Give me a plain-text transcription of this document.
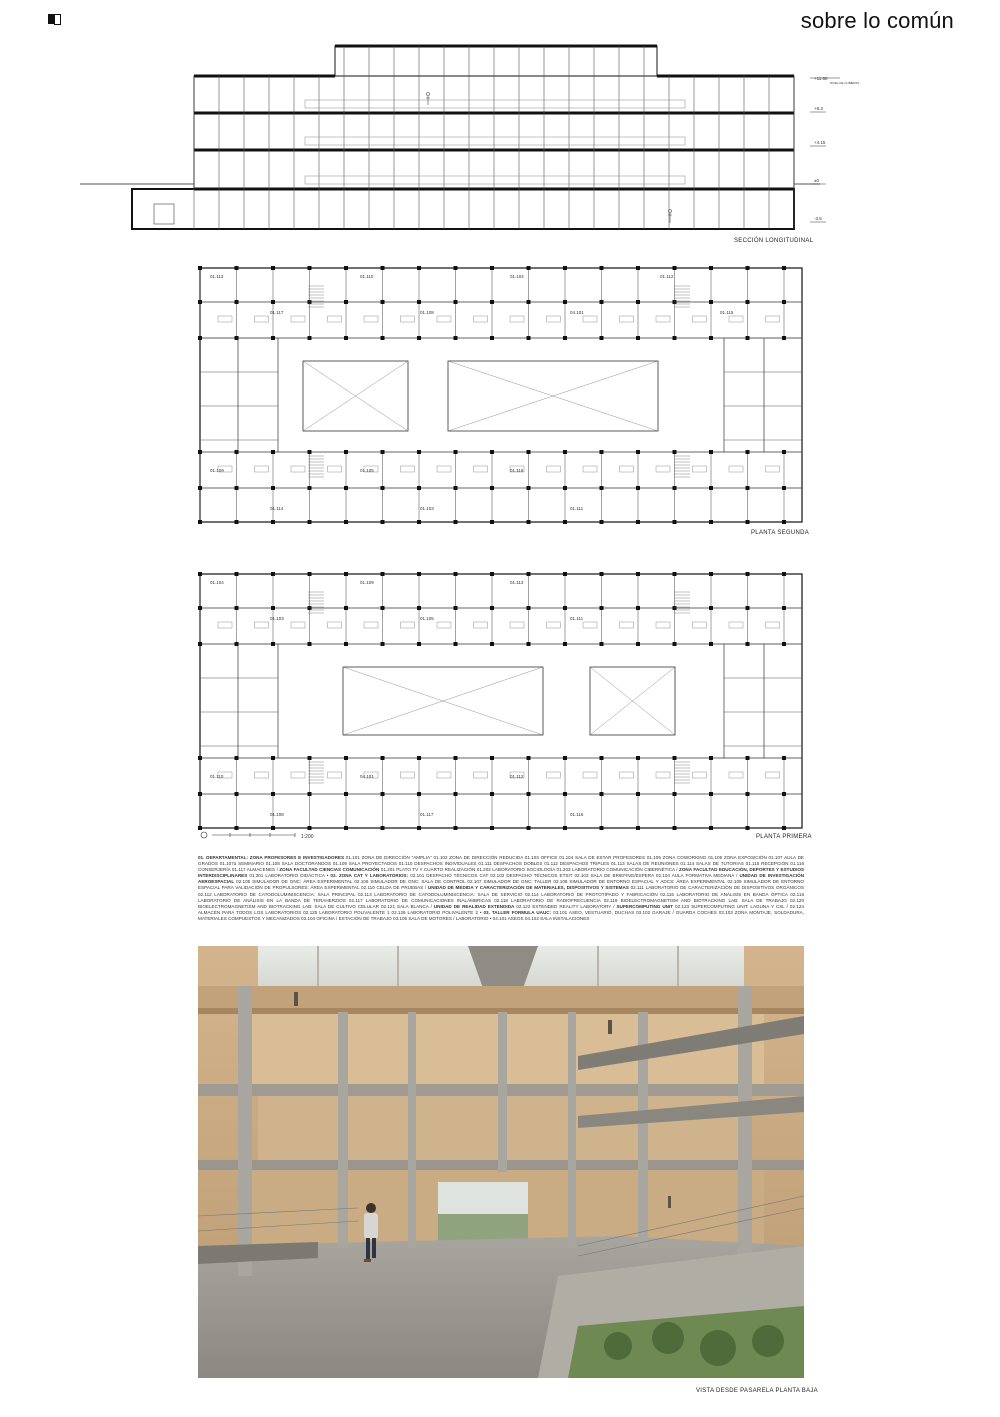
sobre lo común
+11.60
NIVEL DE CUBIERTA
+8.3
+4.15
±0
-3.5
SECCIÓN LONGITUDINAL
01.113
01.117
01.109
01.114
01.110
01.108
01.105
01.103
01.104
04.101
01.116
01.111
01.112
01.115
PLANTA SEGUNDA
01.104
01.103
01.110
01.108
01.109
01.105
04.101
01.117
01.113
01.111
01.112
01.116
1:200	PLANTA PRIMERA
01. DEPARTAMENTAL: ZONA PROFESORES E INVESTIGADORES 01.101 ZONA DE DIRECCIÓN "AMPLIA" 01.102 ZONA DE DIRECCIÓN REDUCIDA 01.103 OFFICE 01.104 SALA DE ESTAR PROFESORES 01.105 ZONA COWORKING 01.106 ZONA EXPOSICIÓN 01.107 AULA DE GRADOS 01.107a SEMINARIO 01.108 SALA DOCTORANDOS 01.109 SALA PROYECTADOS 01.110 DESPACHOS INDIVIDUALES 01.111 DESPACHOS DOBLES 01.112 DESPACHOS TRIPLES 01.113 SALAS DE REUNIONES 01.114 SALAS DE TUTORIAS 01.115 RECEPCIÓN 01.116 CONSERJERÍA 01.117 ALMACENES / ZONA FACULTAD CIENCIAS COMUNICACIÓN 01.201 PLATO TV Y CUARTO REALIZACIÓN 01.202 LABORATORIO SOCIOLOGÍA 01.203 LABORATORIO COMUNICACIÓN CIBERNÉTICA / ZONA FACULTAD EDUCACIÓN, DEPORTES Y ESTUDIOS INTERDISCIPLINARES 01.301 LABORATORIO DIDÁCTICA • 02. ZONA CAT Y LABORATORIOS: 02.101 DESPACHO TÉCNICOS CAT 02.102 DESPACHO TÉCNICOS ETSIT 02.103 SALA DE BRIEFING/ESPERA 02.104 AULA FORMATIVA MEDIANA / UNIDAD DE INVESTIGACIÓN AEROESPACIAL 02.105 SIMULADOR DE GNC: ÁREA EXPERIMENTAL 02.106 SIMULADOR DE GNC: SALA DE CONTROL 02.107 SIMULADOR DE GNC: TALLER 02.108 SIMULADOR DE ENTORNO ESPACIAL Y ADCS: ÁREA EXPERIMENTAL 02.109 SIMULADOR DE ENTORNO ESPACIAL PARA VALIDACIÓN DE PROPULSORES: ÁREA EXPERIMENTAL 02.110 CELDA DE PRUEBAS / UNIDAD DE MEDIDA Y CARACTERIZACIÓN DE MATERIALES, DISPOSITIVOS Y SISTEMAS 02.111 LABORATORIO DE CARACTERIZACIÓN DE DISPOSITIVOS ORGÁNICOS 02.112 LABORATORIO DE CATODOLUMINISCENCIA: SALA PRINCIPAL 02.113 LABORATORIO DE CATODOLUMINISCENCIA: SALA DE SERVICIO 02.114 LABORATORIO DE PROTOTIPADO Y FABRICACIÓN 02.115 LABORATORIO DE ANÁLISIS EN BANDA ÓPTICA 02.116 LABORATORIO DE ANÁLISIS EN LA BANDA DE TERAHERZIOS 02.117 LABORATORIO DE COMUNICACIONES INALÁMBRICAS 02.118 LABORATORIO DE RADIOFRECUENCIA 02.119 BIOELECTROMAGNETISM AND BIOTRACKING LAB: SALA DE TRABAJO 02.120 BIOELECTROMAGNETISM AND BIOTRACKING LAB: SALA DE CULTIVO CELULAR 02.121 SALA BLANCA / UNIDAD DE REALIDAD EXTENDIDA 02.122 EXTENDED REALITY LABORATORY / SUPERCOMPUTING UNIT 02.123 SUPERCOMPUTING UNIT: LAGUNA Y CSL / 02.124 ALMACÉN PARA TODOS LOS LABORATORIOS 02.125 LABORATORIO POLIVALENTE 1 02.126 LABORATORIO POLIVALENTE 2 • 03. TALLER FORMULA UAUC: 03.101 ASEO, VESTUARIO, DUCHAS 03.102 GARAJE / GUARDA COCHES 03.103 ZONA MONTAJE, SOLDADURA, MATERIALES COMPUESTOS Y MECANIZADOS 03.104 OFICINA / ESTACIÓN DE TRABAJO 03.105 SALA DE MOTORES / LABORATORIO • 04.101 ASEOS 04.102 SALA INSTALACIONES
VISTA DESDE PASARELA PLANTA BAJA
